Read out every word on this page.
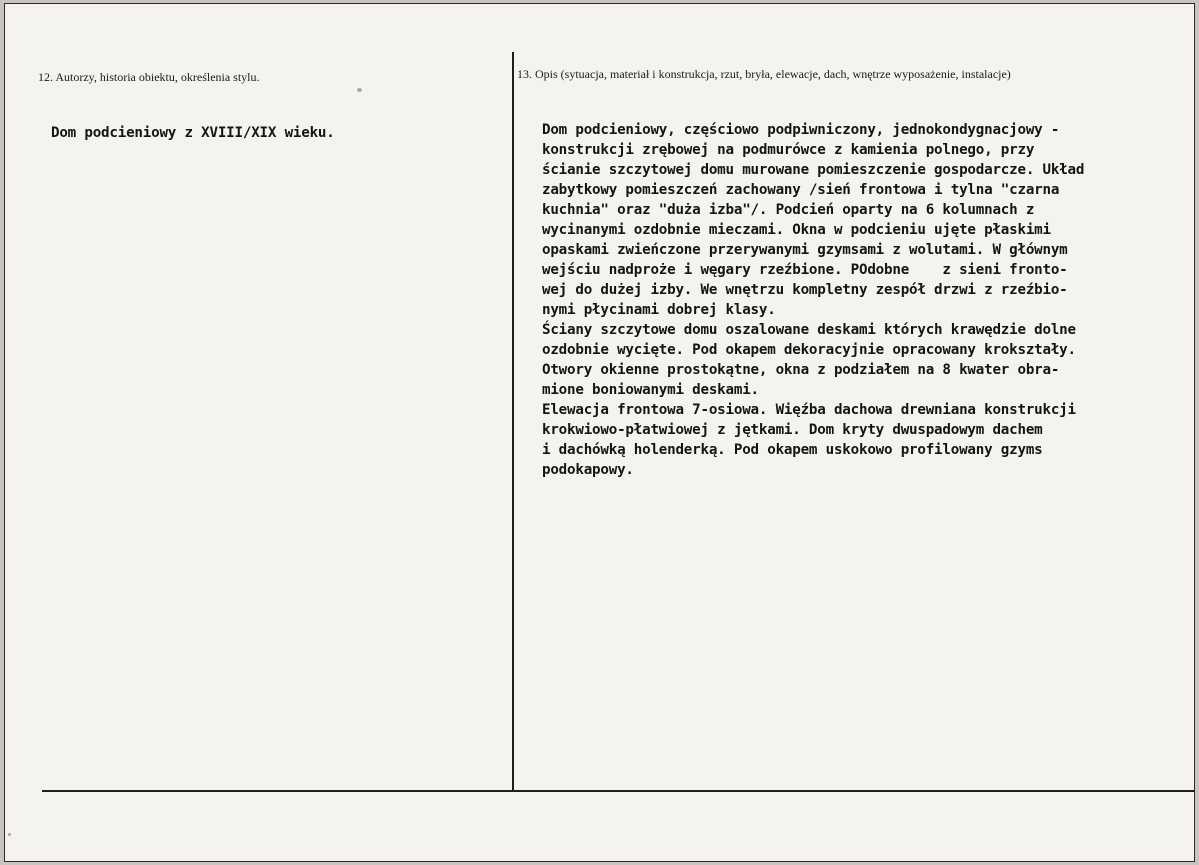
12. Autorzy, historia obiektu, określenia stylu.	13. Opis (sytuacja, materiał i konstrukcja, rzut, bryła, elewacje, dach, wnętrze wyposażenie, instalacje)
Dom podcieniowy z XVIII/XIX wieku.	Dom podcieniowy, częściowo podpiwniczony, jednokondygnacjowy -
konstrukcji zrębowej na podmurówce z kamienia polnego, przy
ścianie szczytowej domu murowane pomieszczenie gospodarcze. Układ
zabytkowy pomieszczeń zachowany /sień frontowa i tylna "czarna
kuchnia" oraz "duża izba"/. Podcień oparty na 6 kolumnach z
wycinanymi ozdobnie mieczami. Okna w podcieniu ujęte płaskimi
opaskami zwieńczone przerywanymi gzymsami z wolutami. W głównym
wejściu nadproże i węgary rzeźbione. POdobne    z sieni fronto-
wej do dużej izby. We wnętrzu kompletny zespół drzwi z rzeźbio-
nymi płycinami dobrej klasy.
Ściany szczytowe domu oszalowane deskami których krawędzie dolne
ozdobnie wycięte. Pod okapem dekoracyjnie opracowany krokształy.
Otwory okienne prostokątne, okna z podziałem na 8 kwater obra-
mione boniowanymi deskami.
Elewacja frontowa 7-osiowa. Więźba dachowa drewniana konstrukcji
krokwiowo-płatwiowej z jętkami. Dom kryty dwuspadowym dachem
i dachówką holenderką. Pod okapem uskokowo profilowany gzyms
podokapowy.
